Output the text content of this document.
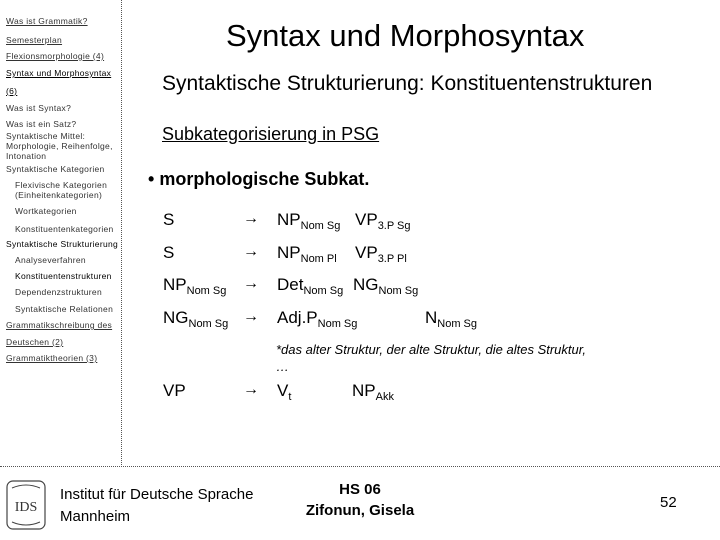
Was ist Grammatik?
Semesterplan
Flexionsmorphologie (4)
Syntax und Morphosyntax
(6)
Was ist Syntax?
Was ist ein Satz?
Syntaktische Mittel: Morphologie, Reihenfolge, Intonation
Syntaktische Kategorien
Flexivische Kategorien (Einheitenkategorien)
Wortkategorien
Konstituentenkategorien
Syntaktische Strukturierung
Analyseverfahren
Konstituentenstrukturen
Dependenzstrukturen
Syntaktische Relationen
Grammatikschreibung des
Deutschen (2)
Grammatiktheorien (3)
Syntax und Morphosyntax
Syntaktische Strukturierung: Konstituentenstrukturen
Subkategorisierung in PSG
• morphologische Subkat.
S	→ $NP_{Nom Sg}$ $VP_{3.P Sg}$
S	→ $NP_{Nom Pl}$ $VP_{3.P Pl}$
$NP_{Nom Sg} \to Det_{Nom Sg}$ $NG_{Nom Sg}$
$NG_{Nom Sg} \to Adj.P_{Nom Sg}$	$N_{Nom Sg}$
*das alter Struktur, der alte Struktur, die altes Struktur,
…
VP	→ $V_t$	$NP_{Akk}$
IDS
Institut für Deutsche Sprache
Mannheim
HS 06
Zifonun, Gisela	52
